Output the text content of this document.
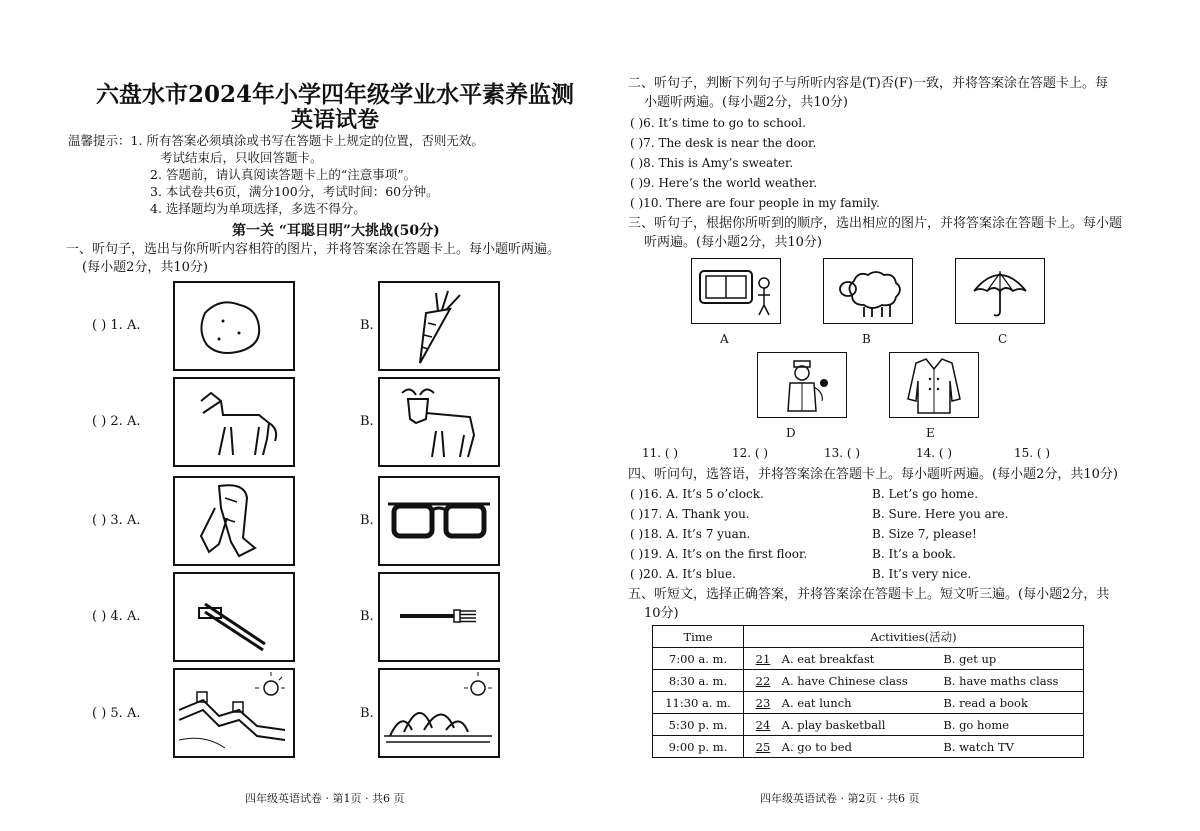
六盘水市2024年小学四年级学业水平素养监测
英语试卷
温馨提示：1. 所有答案必须填涂或书写在答题卡上规定的位置，否则无效。
考试结束后，只收回答题卡。
2. 答题前，请认真阅读答题卡上的“注意事项”。
3. 本试卷共6页，满分100分，考试时间：60分钟。
4. 选择题均为单项选择，多选不得分。
第一关 “耳聪目明”大挑战(50分)
一、听句子，选出与你所听内容相符的图片，并将答案涂在答题卡上。每小题听两遍。
(每小题2分，共10分)
( ) 1. A.	B.
( ) 2. A.	B.
( ) 3. A.	B.
( ) 4. A.	B.
( ) 5. A.	B.
四年级英语试卷 · 第1页 · 共6 页
二、听句子，判断下列句子与所听内容是(T)否(F)一致，并将答案涂在答题卡上。每
小题听两遍。(每小题2分，共10分)
( )6. It’s time to go to school.
( )7. The desk is near the door.
( )8. This is Amy’s sweater.
( )9. Here’s the world weather.
( )10. There are four people in my family.
三、听句子，根据你所听到的顺序，选出相应的图片，并将答案涂在答题卡上。每小题
听两遍。(每小题2分，共10分)
A	B	C
D	E
11. ( )	12. ( )	13. ( )	14. ( )	15. ( )
四、听问句，选答语，并将答案涂在答题卡上。每小题听两遍。(每小题2分，共10分)
( )16. A. It’s 5 o’clock.	B. Let’s go home.
( )17. A. Thank you.	B. Sure. Here you are.
( )18. A. It’s 7 yuan.	B. Size 7, please!
( )19. A. It’s on the first floor.	B. It’s a book.
( )20. A. It’s blue.	B. It’s very nice.
五、听短文，选择正确答案，并将答案涂在答题卡上。短文听三遍。(每小题2分，共
10分)
四年级英语试卷 · 第2页 · 共6 页
Time	Activities(活动)
7:00 a. m.	21 A. eat breakfast B. get up
8:30 a. m.	22 A. have Chinese class B. have maths class
11:30 a. m.	23 A. eat lunch B. read a book
5:30 p. m.	24 A. play basketball B. go home
9:00 p. m.	25 A. go to bed B. watch TV
